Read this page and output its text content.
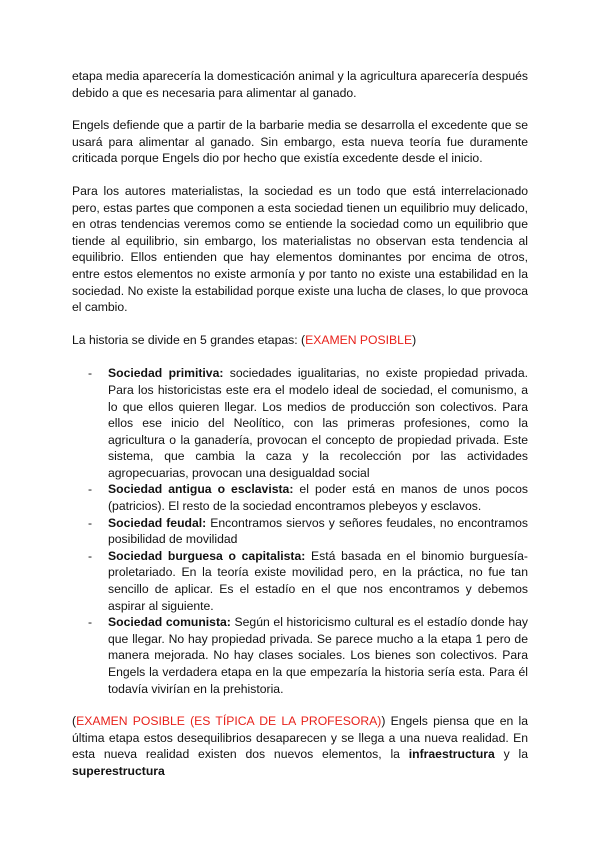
etapa media aparecería la domesticación animal y la agricultura aparecería después debido a que es necesaria para alimentar al ganado.

Engels defiende que a partir de la barbarie media se desarrolla el excedente que se usará para alimentar al ganado. Sin embargo, esta nueva teoría fue duramente criticada porque Engels dio por hecho que existía excedente desde el inicio.

Para los autores materialistas, la sociedad es un todo que está interrelacionado pero, estas partes que componen a esta sociedad tienen un equilibrio muy delicado, en otras tendencias veremos como se entiende la sociedad como un equilibrio que tiende al equilibrio, sin embargo, los materialistas no observan esta tendencia al equilibrio. Ellos entienden que hay elementos dominantes por encima de otros, entre estos elementos no existe armonía y por tanto no existe una estabilidad en la sociedad. No existe la estabilidad porque existe una lucha de clases, lo que provoca el cambio.

La historia se divide en 5 grandes etapas: (EXAMEN POSIBLE)

- Sociedad primitiva: sociedades igualitarias, no existe propiedad privada. Para los historicistas este era el modelo ideal de sociedad, el comunismo, a lo que ellos quieren llegar. Los medios de producción son colectivos. Para ellos ese inicio del Neolítico, con las primeras profesiones, como la agricultura o la ganadería, provocan el concepto de propiedad privada. Este sistema, que cambia la caza y la recolección por las actividades agropecuarias, provocan una desigualdad social
- Sociedad antigua o esclavista: el poder está en manos de unos pocos (patricios). El resto de la sociedad encontramos plebeyos y esclavos.
- Sociedad feudal: Encontramos siervos y señores feudales, no encontramos posibilidad de movilidad
- Sociedad burguesa o capitalista: Está basada en el binomio burguesía-proletariado. En la teoría existe movilidad pero, en la práctica, no fue tan sencillo de aplicar. Es el estadío en el que nos encontramos y debemos aspirar al siguiente.
- Sociedad comunista: Según el historicismo cultural es el estadío donde hay que llegar. No hay propiedad privada. Se parece mucho a la etapa 1 pero de manera mejorada. No hay clases sociales. Los bienes son colectivos. Para Engels la verdadera etapa en la que empezaría la historia sería esta. Para él todavía vivirían en la prehistoria.

(EXAMEN POSIBLE (ES TÍPICA DE LA PROFESORA)) Engels piensa que en la última etapa estos desequilibrios desaparecen y se llega a una nueva realidad. En esta nueva realidad existen dos nuevos elementos, la infraestructura y la superestructura
